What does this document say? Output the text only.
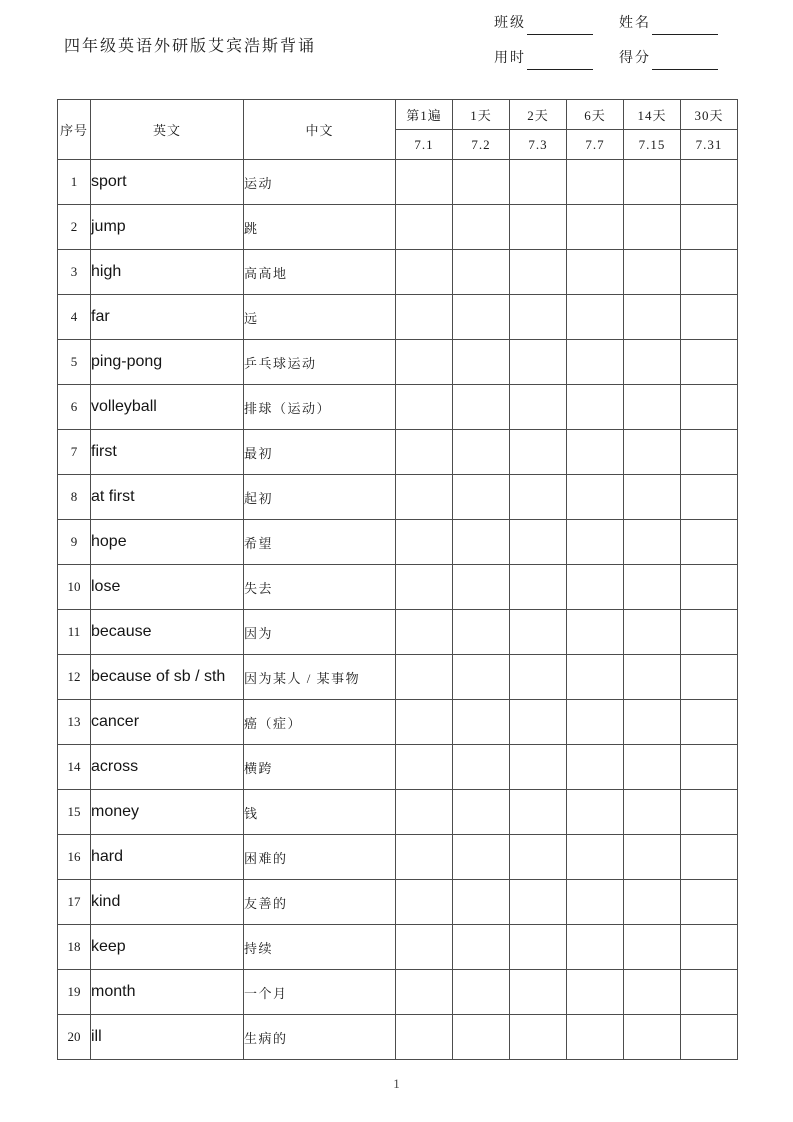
四年级英语外研版艾宾浩斯背诵
班级	姓名
用时	得分
序号	英文	中文	第1遍	1天	2天	6天	14天	30天
			7.1	7.2	7.3	7.7	7.15	7.31
1	sport	运动						
2	jump	跳						
3	high	高高地						
4	far	远						
5	ping-pong	乒乓球运动						
6	volleyball	排球（运动）						
7	first	最初						
8	at first	起初						
9	hope	希望						
10	lose	失去						
11	because	因为						
12	because of sb / sth	因为某人 / 某事物						
13	cancer	癌（症）						
14	across	横跨						
15	money	钱						
16	hard	困难的						
17	kind	友善的						
18	keep	持续						
19	month	一个月						
20	ill	生病的						
1
